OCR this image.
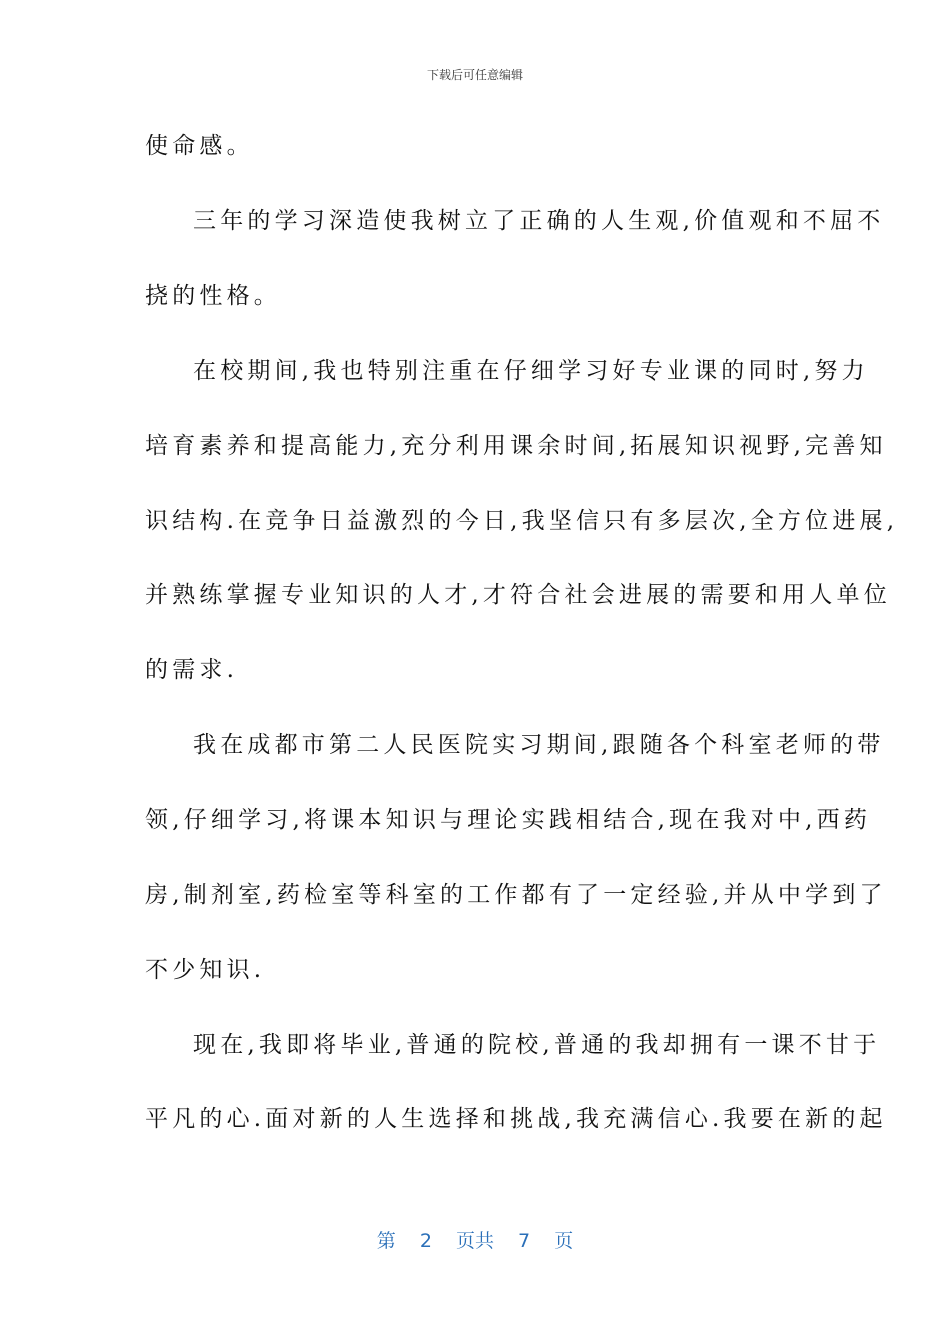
下载后可任意编辑
使命感。
三年的学习深造使我树立了正确的人生观,价值观和不屈不
挠的性格。
在校期间,我也特别注重在仔细学习好专业课的同时,努力
培育素养和提高能力,充分利用课余时间,拓展知识视野,完善知
识结构.在竞争日益激烈的今日,我坚信只有多层次,全方位进展,
并熟练掌握专业知识的人才,才符合社会进展的需要和用人单位
的需求.
我在成都市第二人民医院实习期间,跟随各个科室老师的带
领,仔细学习,将课本知识与理论实践相结合,现在我对中,西药
房,制剂室,药检室等科室的工作都有了一定经验,并从中学到了
不少知识.
现在,我即将毕业,普通的院校,普通的我却拥有一课不甘于
平凡的心.面对新的人生选择和挑战,我充满信心.我要在新的起
第 2 页共 7 页
